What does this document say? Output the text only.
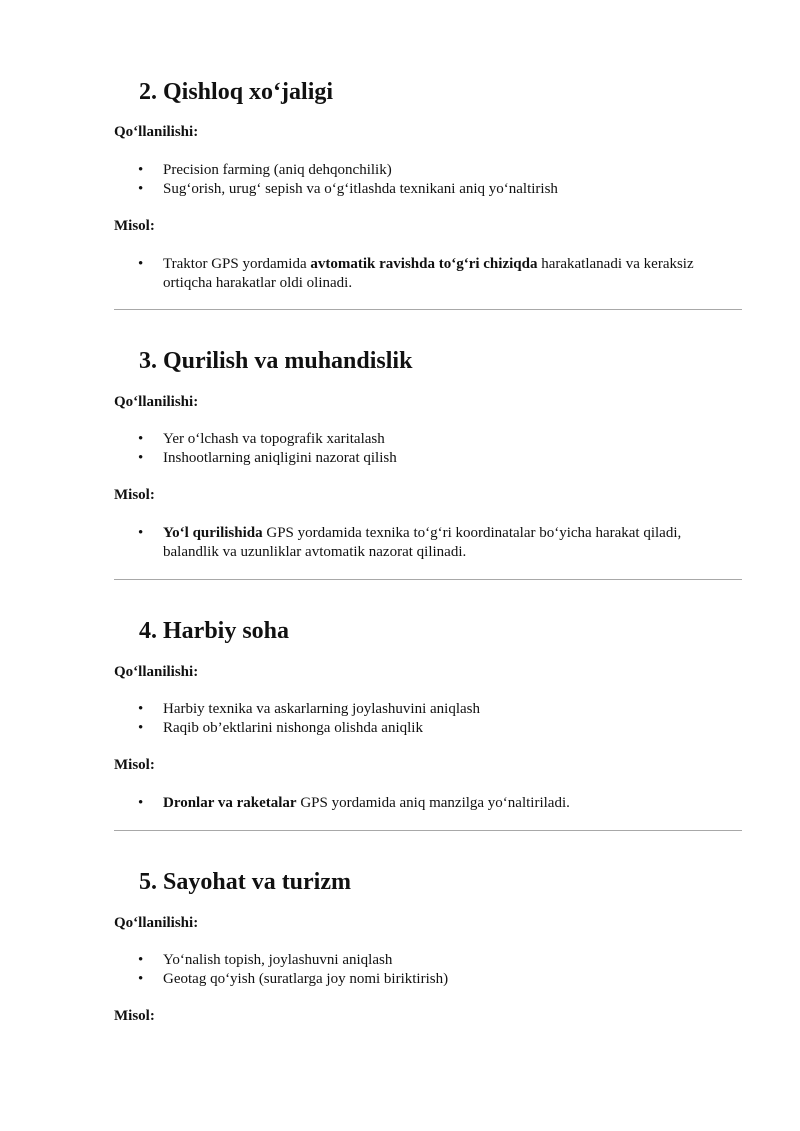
2. Qishloq xo‘jaligi

Qo‘llanilishi:

• Precision farming (aniq dehqonchilik)
• Sug‘orish, urug‘ sepish va o‘g‘itlashda texnikani aniq yo‘naltirish

Misol:

• Traktor GPS yordamida avtomatik ravishda to‘g‘ri chiziqda harakatlanadi va keraksiz ortiqcha harakatlar oldi olinadi.
3. Qurilish va muhandislik

Qo‘llanilishi:

• Yer o‘lchash va topografik xaritalash
• Inshootlarning aniqligini nazorat qilish

Misol:

• Yo‘l qurilishida GPS yordamida texnika to‘g‘ri koordinatalar bo‘yicha harakat qiladi, balandlik va uzunliklar avtomatik nazorat qilinadi.
4. Harbiy soha

Qo‘llanilishi:

• Harbiy texnika va askarlarning joylashuvini aniqlash
• Raqib ob’ektlarini nishonga olishda aniqlik

Misol:

• Dronlar va raketalar GPS yordamida aniq manzilga yo‘naltiriladi.
5. Sayohat va turizm

Qo‘llanilishi:

• Yo‘nalish topish, joylashuvni aniqlash
• Geotag qo‘yish (suratlarga joy nomi biriktirish)

Misol:
